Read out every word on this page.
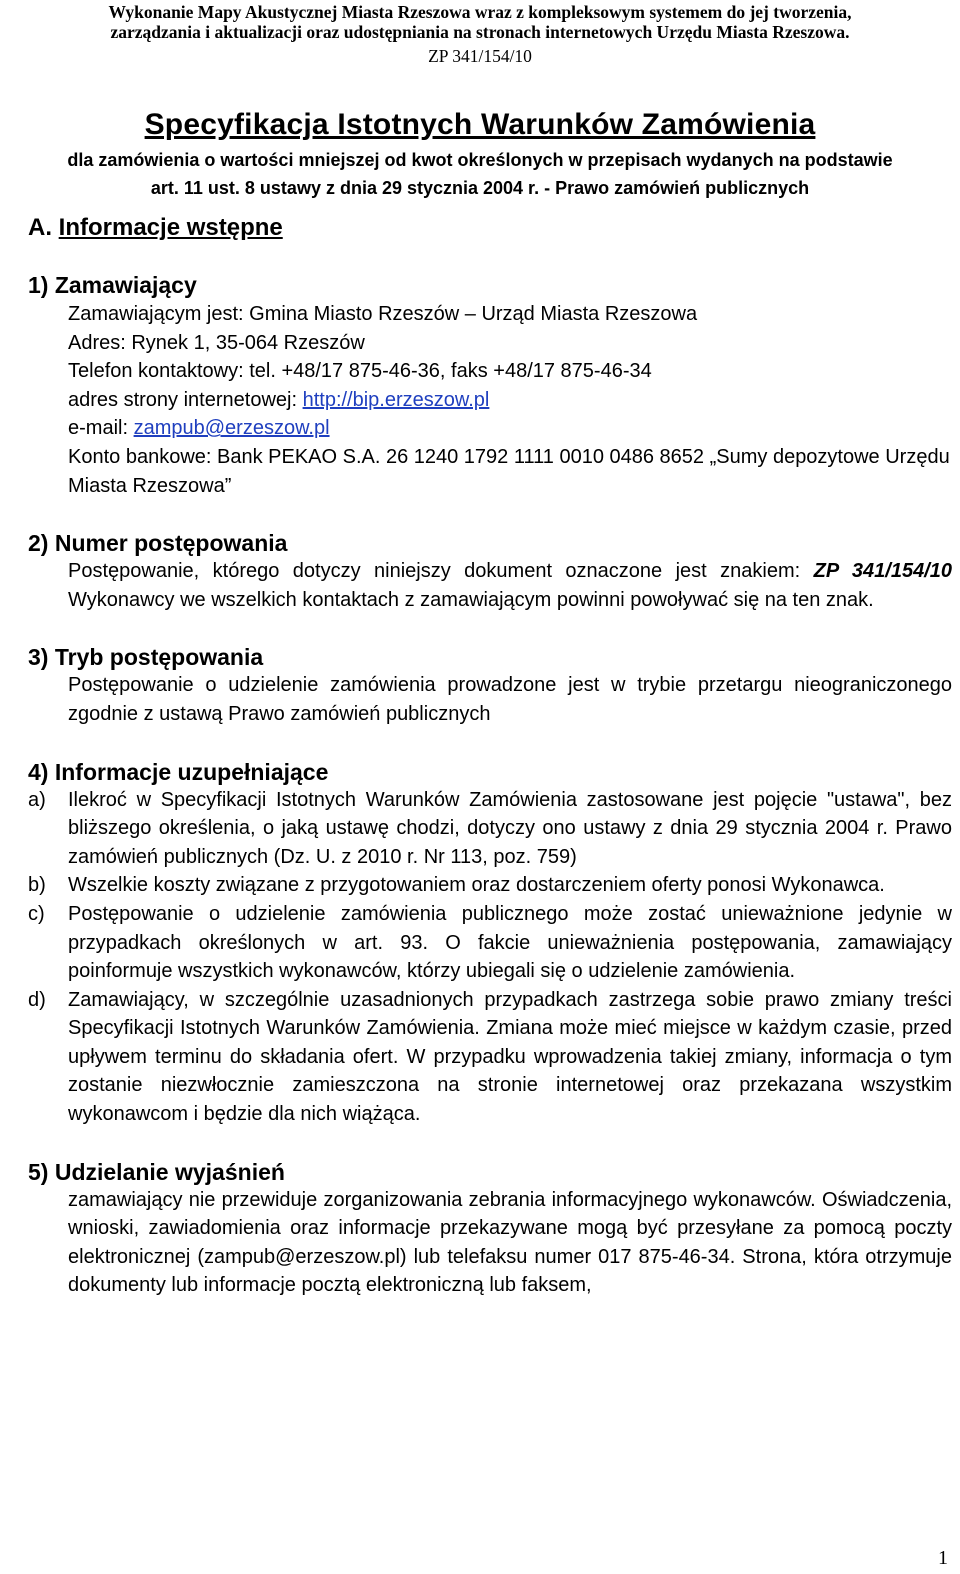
Wykonanie Mapy Akustycznej Miasta Rzeszowa wraz z kompleksowym systemem do jej tworzenia,
zarządzania i aktualizacji oraz udostępniania na stronach internetowych Urzędu Miasta Rzeszowa.
ZP 341/154/10
Specyfikacja Istotnych Warunków Zamówienia
dla zamówienia o wartości mniejszej od kwot określonych w przepisach wydanych na podstawie
art. 11 ust. 8 ustawy z dnia 29 stycznia 2004 r. - Prawo zamówień publicznych
A. Informacje wstępne
1) Zamawiający
Zamawiającym jest: Gmina Miasto Rzeszów – Urząd Miasta Rzeszowa
Adres: Rynek 1, 35-064 Rzeszów
Telefon kontaktowy: tel. +48/17 875-46-36, faks +48/17 875-46-34
adres strony internetowej: http://bip.erzeszow.pl
e-mail: zampub@erzeszow.pl
Konto bankowe: Bank PEKAO S.A. 26 1240 1792 1111 0010 0486 8652 „Sumy depozytowe Urzędu Miasta Rzeszowa”
2) Numer postępowania
Postępowanie, którego dotyczy niniejszy dokument oznaczone jest znakiem: ZP 341/154/10 Wykonawcy we wszelkich kontaktach z zamawiającym powinni powoływać się na ten znak.
3) Tryb postępowania
Postępowanie o udzielenie zamówienia prowadzone jest w trybie przetargu nieograniczonego zgodnie z ustawą Prawo zamówień publicznych
4) Informacje uzupełniające
a) Ilekroć w Specyfikacji Istotnych Warunków Zamówienia zastosowane jest pojęcie "ustawa", bez bliższego określenia, o jaką ustawę chodzi, dotyczy ono ustawy z dnia 29 stycznia 2004 r. Prawo zamówień publicznych (Dz. U. z 2010 r. Nr 113, poz. 759)
b) Wszelkie koszty związane z przygotowaniem oraz dostarczeniem oferty ponosi Wykonawca.
c) Postępowanie o udzielenie zamówienia publicznego może zostać unieważnione jedynie w przypadkach określonych w art. 93. O fakcie unieważnienia postępowania, zamawiający poinformuje wszystkich wykonawców, którzy ubiegali się o udzielenie zamówienia.
d) Zamawiający, w szczególnie uzasadnionych przypadkach zastrzega sobie prawo zmiany treści Specyfikacji Istotnych Warunków Zamówienia. Zmiana może mieć miejsce w każdym czasie, przed upływem terminu do składania ofert. W przypadku wprowadzenia takiej zmiany, informacja o tym zostanie niezwłocznie zamieszczona na stronie internetowej oraz przekazana wszystkim wykonawcom i będzie dla nich wiążąca.
5) Udzielanie wyjaśnień
zamawiający nie przewiduje zorganizowania zebrania informacyjnego wykonawców. Oświadczenia, wnioski, zawiadomienia oraz informacje przekazywane mogą być przesyłane za pomocą poczty elektronicznej (zampub@erzeszow.pl) lub telefaksu numer 017 875-46-34. Strona, która otrzymuje dokumenty lub informacje pocztą elektroniczną lub faksem,
1
